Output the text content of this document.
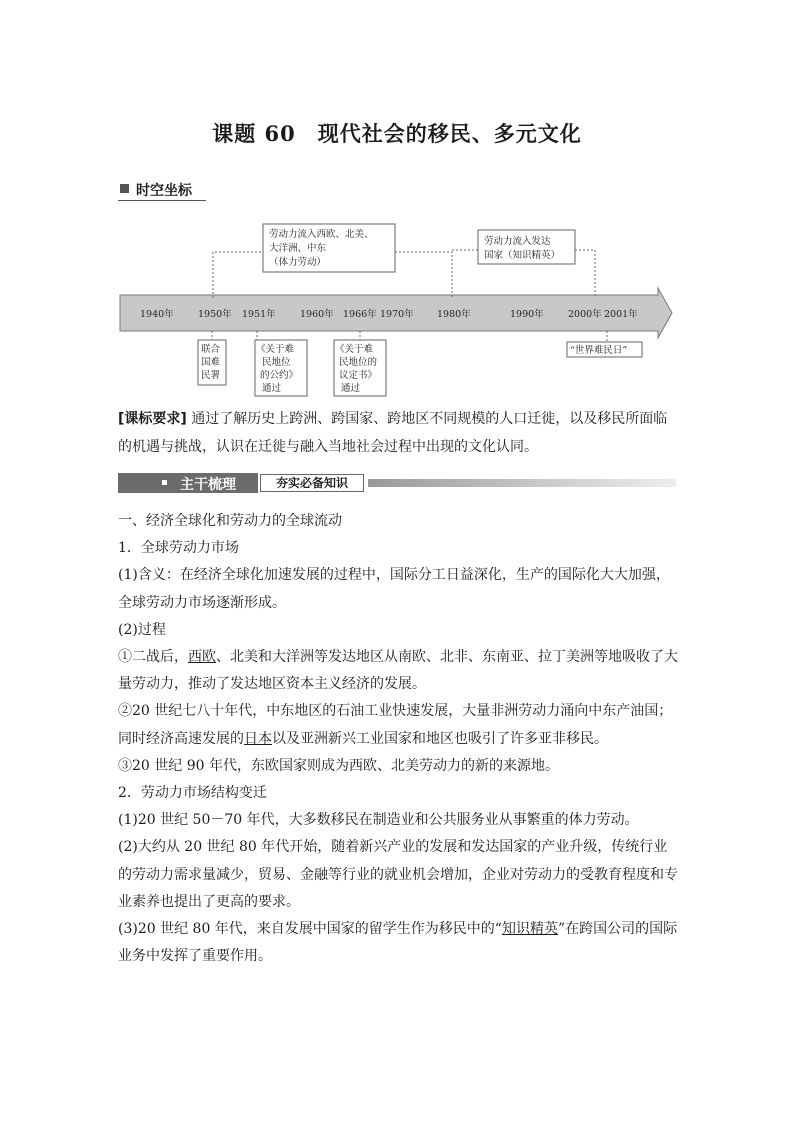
课题 60　现代社会的移民、多元文化
时空坐标
1940年	1950年 1951年	1960年 1966年 1970年 1980年	1990年	2000年 2001年
劳动力流入西欧、北美、
大洋洲、中东
（体力劳动）
劳动力流入发达
国家（知识精英）
联合
国难
民署
《关于难
民地位
的公约》
通过
《关于难
民地位的
议定书》
通过
“世界难民日”
[课标要求] 通过了解历史上跨洲、跨国家、跨地区不同规模的人口迁徙，以及移民所面临的机遇与挑战，认识在迁徙与融入当地社会过程中出现的文化认同。
主干梳理	夯实必备知识

一、经济全球化和劳动力的全球流动

1．全球劳动力市场

(1)含义：在经济全球化加速发展的过程中，国际分工日益深化，生产的国际化大大加强，全球劳动力市场逐渐形成。

(2)过程

①二战后，西欧、北美和大洋洲等发达地区从南欧、北非、东南亚、拉丁美洲等地吸收了大量劳动力，推动了发达地区资本主义经济的发展。

②20 世纪七八十年代，中东地区的石油工业快速发展，大量非洲劳动力涌向中东产油国；同时经济高速发展的日本以及亚洲新兴工业国家和地区也吸引了许多亚非移民。

③20 世纪 90 年代，东欧国家则成为西欧、北美劳动力的新的来源地。

2．劳动力市场结构变迁

(1)20 世纪 50－70 年代，大多数移民在制造业和公共服务业从事繁重的体力劳动。

(2)大约从 20 世纪 80 年代开始，随着新兴产业的发展和发达国家的产业升级，传统行业的劳动力需求量减少，贸易、金融等行业的就业机会增加，企业对劳动力的受教育程度和专业素养也提出了更高的要求。

(3)20 世纪 80 年代，来自发展中国家的留学生作为移民中的“知识精英”在跨国公司的国际业务中发挥了重要作用。
